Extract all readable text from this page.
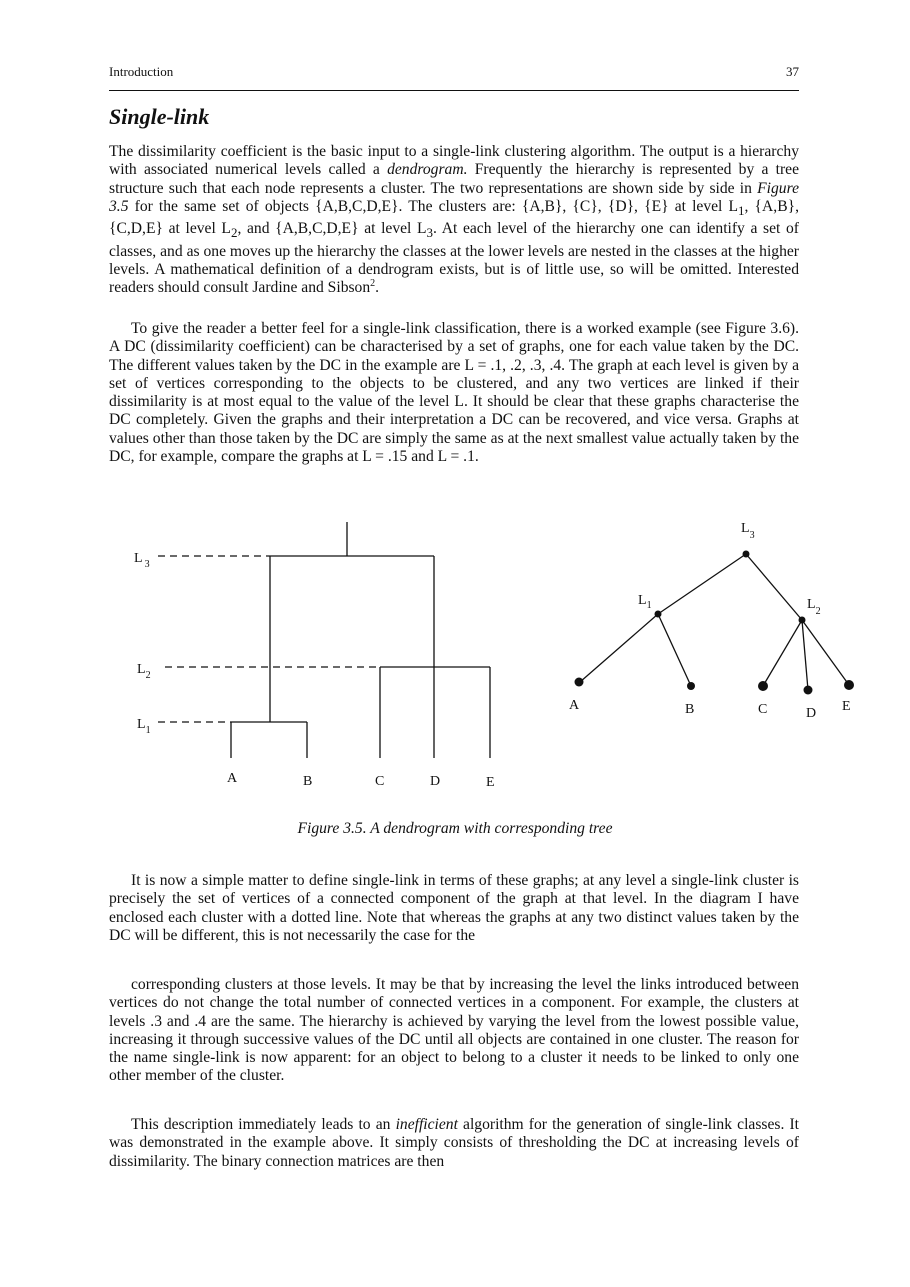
Introduction	37
Single-link

The dissimilarity coefficient is the basic input to a single-link clustering algorithm. The output is a hierarchy with associated numerical levels called a dendrogram. Frequently the hierarchy is represented by a tree structure such that each node represents a cluster. The two representations are shown side by side in Figure 3.5 for the same set of objects {A,B,C,D,E}. The clusters are: {A,B}, {C}, {D}, {E} at level $L_1$, {A,B}, {C,D,E} at level $L_2$, and {A,B,C,D,E} at level $L_3$. At each level of the hierarchy one can identify a set of classes, and as one moves up the hierarchy the classes at the lower levels are nested in the classes at the higher levels. A mathematical definition of a dendrogram exists, but is of little use, so will be omitted. Interested readers should consult Jardine and Sibson$^2$.

To give the reader a better feel for a single-link classification, there is a worked example (see Figure 3.6). A DC (dissimilarity coefficient) can be characterised by a set of graphs, one for each value taken by the DC. The different values taken by the DC in the example are L = .1, .2, .3, .4. The graph at each level is given by a set of vertices corresponding to the objects to be clustered, and any two vertices are linked if their dissimilarity is at most equal to the value of the level L. It should be clear that these graphs characterise the DC completely. Given the graphs and their interpretation a DC can be recovered, and vice versa. Graphs at values other than those taken by the DC are simply the same as at the next smallest value actually taken by the DC, for example, compare the graphs at L = .15 and L = .1.

L $_3$
$L_2$
$L_1$
A	B	C	D	E
$L_3$
$L_1$	$L_2$
A	B	C	D E
Figure 3.5. A dendrogram with corresponding tree

It is now a simple matter to define single-link in terms of these graphs; at any level a single-link cluster is precisely the set of vertices of a connected component of the graph at that level. In the diagram I have enclosed each cluster with a dotted line. Note that whereas the graphs at any two distinct values taken by the DC will be different, this is not necessarily the case for the

corresponding clusters at those levels. It may be that by increasing the level the links introduced between vertices do not change the total number of connected vertices in a component. For example, the clusters at levels .3 and .4 are the same. The hierarchy is achieved by varying the level from the lowest possible value, increasing it through successive values of the DC until all objects are contained in one cluster. The reason for the name single-link is now apparent: for an object to belong to a cluster it needs to be linked to only one other member of the cluster.

This description immediately leads to an inefficient algorithm for the generation of single-link classes. It was demonstrated in the example above. It simply consists of thresholding the DC at increasing levels of dissimilarity. The binary connection matrices are then
